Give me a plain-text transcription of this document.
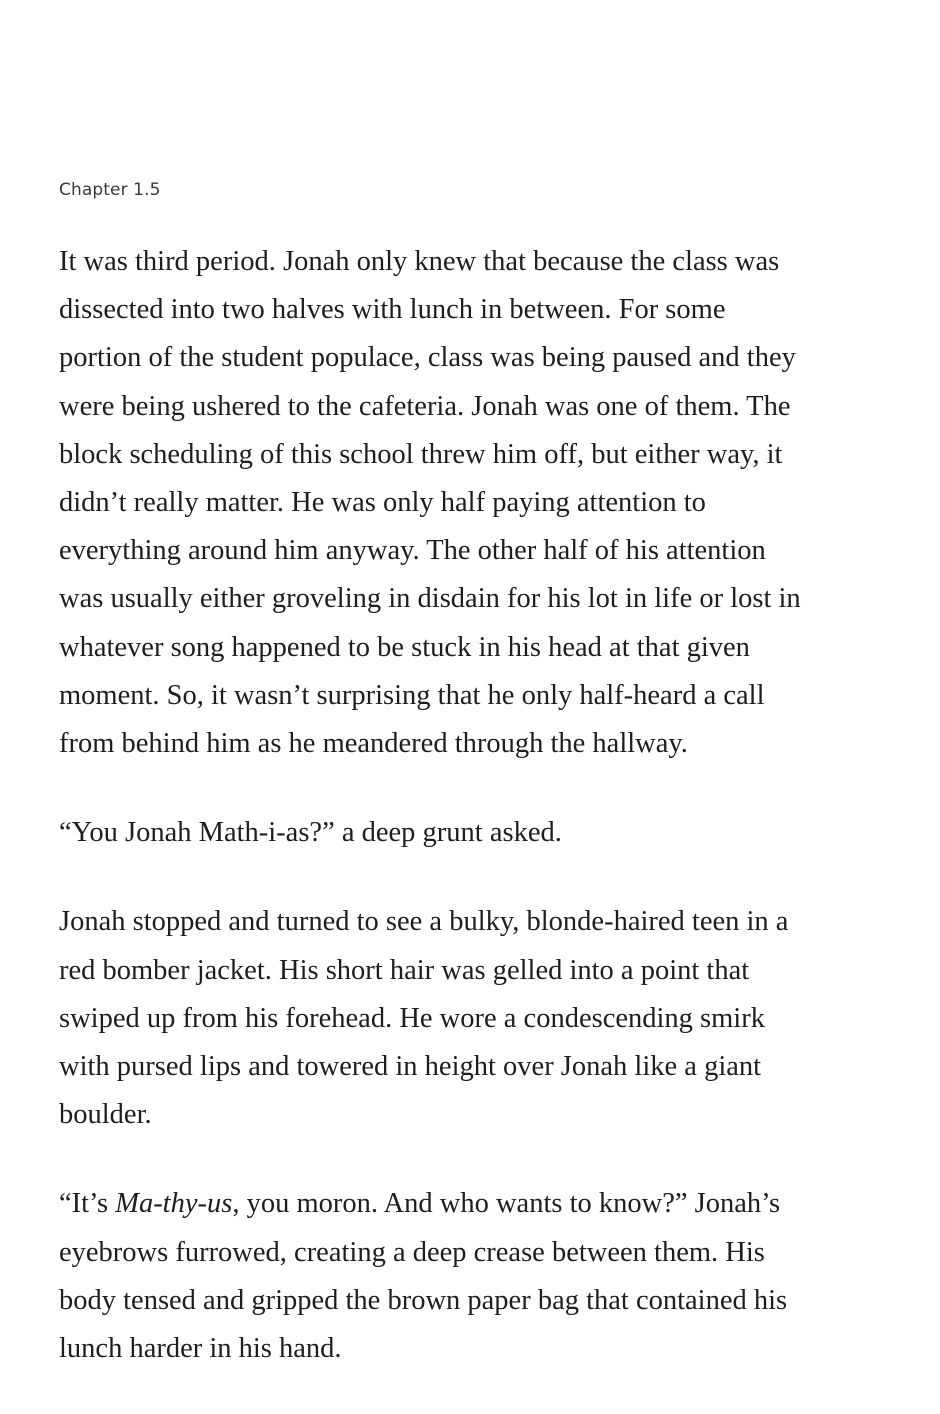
Chapter 1.5

It was third period. Jonah only knew that because the class was
dissected into two halves with lunch in between. For some
portion of the student populace, class was being paused and they
were being ushered to the cafeteria. Jonah was one of them. The
block scheduling of this school threw him off, but either way, it
didn’t really matter. He was only half paying attention to
everything around him anyway. The other half of his attention
was usually either groveling in disdain for his lot in life or lost in
whatever song happened to be stuck in his head at that given
moment. So, it wasn’t surprising that he only half-heard a call
from behind him as he meandered through the hallway.

“You Jonah Math-i-as?” a deep grunt asked.

Jonah stopped and turned to see a bulky, blonde-haired teen in a
red bomber jacket. His short hair was gelled into a point that
swiped up from his forehead. He wore a condescending smirk
with pursed lips and towered in height over Jonah like a giant
boulder.

“It’s Ma-thy-us, you moron. And who wants to know?” Jonah’s
eyebrows furrowed, creating a deep crease between them. His
body tensed and gripped the brown paper bag that contained his
lunch harder in his hand.
